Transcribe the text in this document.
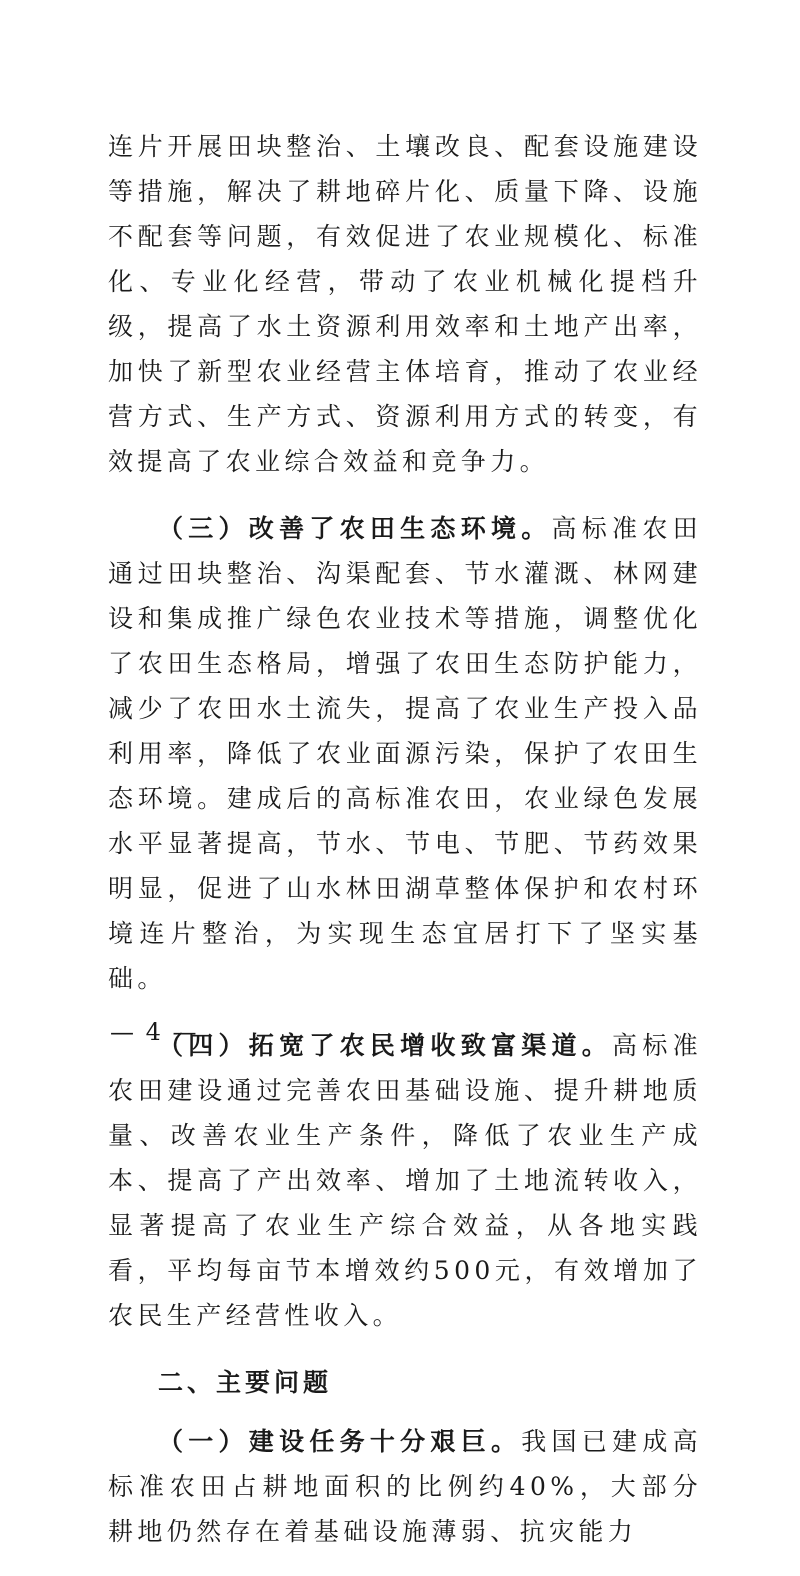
连片开展田块整治、土壤改良、配套设施建设等措施，解决了耕地碎片化、质量下降、设施不配套等问题，有效促进了农业规模化、标准化、专业化经营，带动了农业机械化提档升级，提高了水土资源利用效率和土地产出率，加快了新型农业经营主体培育，推动了农业经营方式、生产方式、资源利用方式的转变，有效提高了农业综合效益和竞争力。

（三）改善了农田生态环境。高标准农田通过田块整治、沟渠配套、节水灌溉、林网建设和集成推广绿色农业技术等措施，调整优化了农田生态格局，增强了农田生态防护能力，减少了农田水土流失，提高了农业生产投入品利用率，降低了农业面源污染，保护了农田生态环境。建成后的高标准农田，农业绿色发展水平显著提高，节水、节电、节肥、节药效果明显，促进了山水林田湖草整体保护和农村环境连片整治，为实现生态宜居打下了坚实基础。

（四）拓宽了农民增收致富渠道。高标准农田建设通过完善农田基础设施、提升耕地质量、改善农业生产条件，降低了农业生产成本、提高了产出效率、增加了土地流转收入，显著提高了农业生产综合效益，从各地实践看，平均每亩节本增效约500元，有效增加了农民生产经营性收入。

二、主要问题

（一）建设任务十分艰巨。我国已建成高标准农田占耕地面积的比例约40%，大部分耕地仍然存在着基础设施薄弱、抗灾能力

— 4 —
